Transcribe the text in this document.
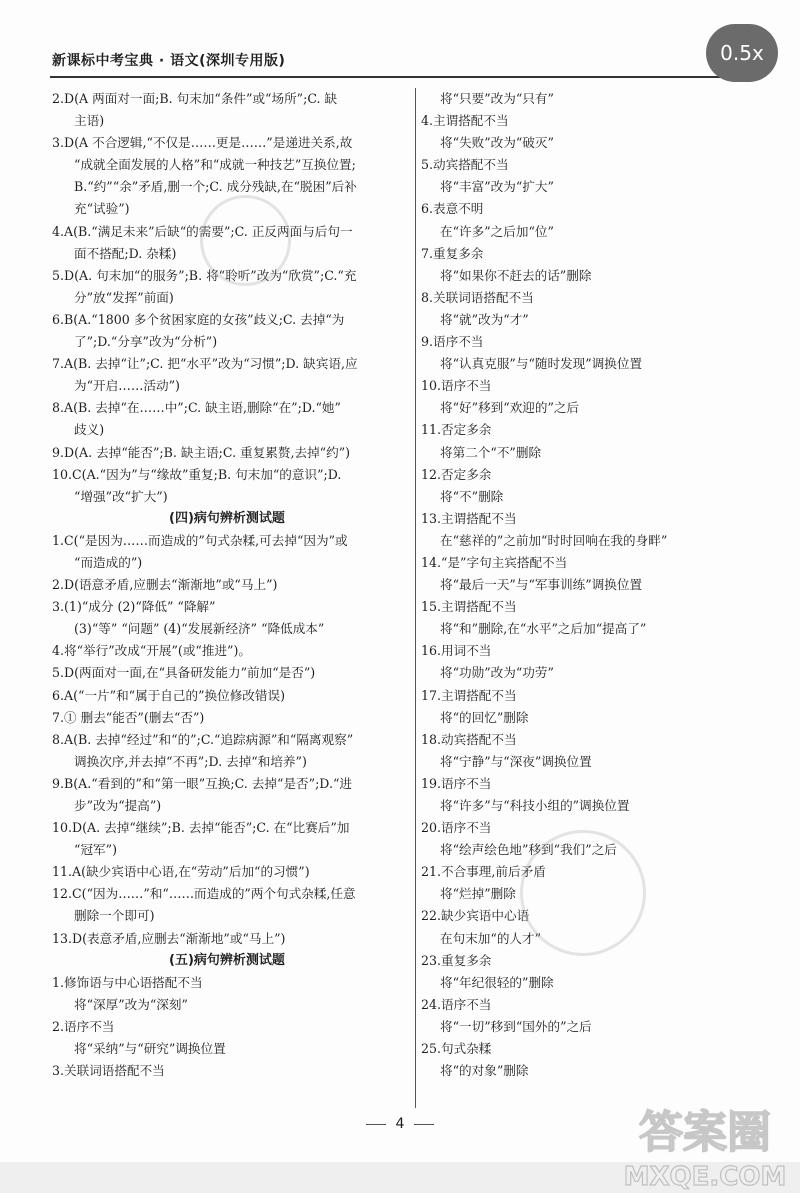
新课标中考宝典 · 语文(深圳专用版)	0.5x
2.D(A 两面对一面;B. 句末加“条件”或“场所”;C. 缺
主语)
3.D(A 不合逻辑,“不仅是……更是……”是递进关系,故
“成就全面发展的人格”和“成就一种技艺”互换位置;
B.“约”“余”矛盾,删一个;C. 成分残缺,在“脱困”后补
充“试验”)
4.A(B.“满足未来”后缺“的需要”;C. 正反两面与后句一
面不搭配;D. 杂糅)
5.D(A. 句末加“的服务”;B. 将“聆听”改为“欣赏”;C.“充
分”放“发挥”前面)
6.B(A.“1800 多个贫困家庭的女孩”歧义;C. 去掉“为
了”;D.“分享”改为“分析”)
7.A(B. 去掉“让”;C. 把“水平”改为“习惯”;D. 缺宾语,应
为“开启……活动”)
8.A(B. 去掉“在……中”;C. 缺主语,删除“在”;D.“她”
歧义)
9.D(A. 去掉“能否”;B. 缺主语;C. 重复累赘,去掉“约”)
10.C(A.“因为”与“缘故”重复;B. 句末加“的意识”;D.
“增强”改“扩大”)
(四)病句辨析测试题
1.C(“是因为……而造成的”句式杂糅,可去掉“因为”或
“而造成的”)
2.D(语意矛盾,应删去“渐渐地”或“马上”)
3.(1)“成分 (2)“降低” “降解”
(3)“等” “问题” (4)“发展新经济” “降低成本”
4.将“举行”改成“开展”(或“推进”)。
5.D(两面对一面,在“具备研发能力”前加“是否”)
6.A(“一片”和“属于自己的”换位修改错误)
7.① 删去“能否”(删去“否”)
8.A(B. 去掉“经过”和“的”;C.“追踪病源”和“隔离观察”
调换次序,并去掉“不再”;D. 去掉“和培养”)
9.B(A.“看到的”和“第一眼”互换;C. 去掉“是否”;D.“进
步”改为“提高”)
10.D(A. 去掉“继续”;B. 去掉“能否”;C. 在“比赛后”加
“冠军”)
11.A(缺少宾语中心语,在“劳动”后加“的习惯”)
12.C(“因为……”和“……而造成的”两个句式杂糅,任意
删除一个即可)
13.D(表意矛盾,应删去“渐渐地”或“马上”)
(五)病句辨析测试题
1.修饰语与中心语搭配不当
将“深厚”改为“深刻”
2.语序不当
将“采纳”与“研究”调换位置
3.关联词语搭配不当
将“只要”改为“只有”
4.主谓搭配不当
将“失败”改为“破灭”
5.动宾搭配不当
将“丰富”改为“扩大”
6.表意不明
在“许多”之后加“位”
7.重复多余
将“如果你不赶去的话”删除
8.关联词语搭配不当
将“就”改为“才”
9.语序不当
将“认真克服”与“随时发现”调换位置
10.语序不当
将“好”移到“欢迎的”之后
11.否定多余
将第二个“不”删除
12.否定多余
将“不”删除
13.主谓搭配不当
在“慈祥的”之前加“时时回响在我的身畔”
14.“是”字句主宾搭配不当
将“最后一天”与“军事训练”调换位置
15.主谓搭配不当
将“和”删除,在“水平”之后加“提高了”
16.用词不当
将“功勋”改为“功劳”
17.主谓搭配不当
将“的回忆”删除
18.动宾搭配不当
将“宁静”与“深夜”调换位置
19.语序不当
将“许多”与“科技小组的”调换位置
20.语序不当
将“绘声绘色地”移到“我们”之后
21.不合事理,前后矛盾
将“烂掉”删除
22.缺少宾语中心语
在句末加“的人才”
23.重复多余
将“年纪很轻的”删除
24.语序不当
将“一切”移到“国外的”之后
25.句式杂糅
将“的对象”删除
4	答案圈
MXQE.COM
